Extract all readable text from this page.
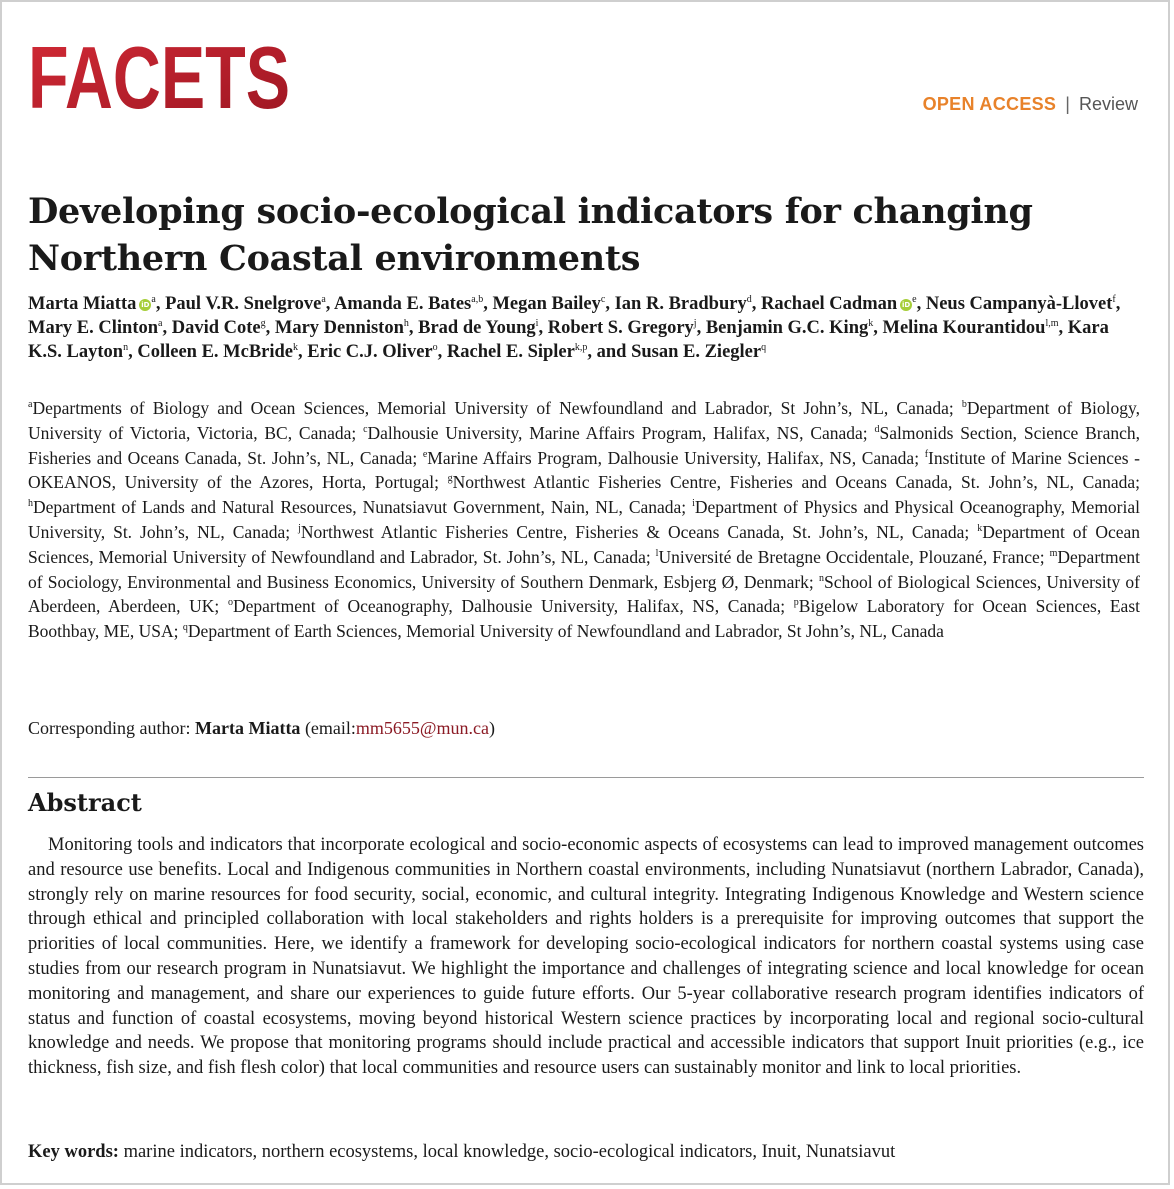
FACETS	OPEN ACCESS | Review
Developing socio-ecological indicators for changing Northern Coastal environments
Marta Miatta $iD^a$, Paul V.R. Snelgrove$^a$, Amanda E. Bates$^{a,b}$, Megan Bailey$^c$, Ian R. Bradbury$^d$, Rachael Cadman $iD^e$, Neus Campanyà-Llovet$^f$, Mary E. Clinton$^a$, David Cote$^g$, Mary Denniston$^h$, Brad de Young$^i$, Robert S. Gregory$^j$, Benjamin G.C. King$^k$, Melina Kourantidou$^{l,m}$, Kara K.S. Layton$^n$, Colleen E. McBride$^k$, Eric C.J. Oliver$^o$, Rachel E. Sipler$^{k,p}$, and Susan E. Ziegler$^q$
$^a$Departments of Biology and Ocean Sciences, Memorial University of Newfoundland and Labrador, St John’s, NL, Canada; $^b$Department of Biology, University of Victoria, Victoria, BC, Canada; $^c$Dalhousie University, Marine Affairs Program, Halifax, NS, Canada; $^d$Salmonids Section, Science Branch, Fisheries and Oceans Canada, St. John’s, NL, Canada; $^e$Marine Affairs Program, Dalhousie University, Halifax, NS, Canada; $^f$Institute of Marine Sciences - OKEANOS, University of the Azores, Horta, Portugal; $^g$Northwest Atlantic Fisheries Centre, Fisheries and Oceans Canada, St. John’s, NL, Canada; $^h$Department of Lands and Natural Resources, Nunatsiavut Government, Nain, NL, Canada; $^i$Department of Physics and Physical Oceanography, Memorial University, St. John’s, NL, Canada; $^j$Northwest Atlantic Fisheries Centre, Fisheries & Oceans Canada, St. John’s, NL, Canada; $^k$Department of Ocean Sciences, Memorial University of Newfoundland and Labrador, St. John’s, NL, Canada; $^l$Université de Bretagne Occidentale, Plouzané, France; $^m$Department of Sociology, Environmental and Business Economics, University of Southern Denmark, Esbjerg Ø, Denmark; $^n$School of Biological Sciences, University of Aberdeen, Aberdeen, UK; $^o$Department of Oceanography, Dalhousie University, Halifax, NS, Canada; $^p$Bigelow Laboratory for Ocean Sciences, East Boothbay, ME, USA; $^q$Department of Earth Sciences, Memorial University of Newfoundland and Labrador, St John’s, NL, Canada
Corresponding author: Marta Miatta (email:mm5655@mun.ca)
Abstract

Monitoring tools and indicators that incorporate ecological and socio-economic aspects of ecosystems can lead to improved management outcomes and resource use benefits. Local and Indigenous communities in Northern coastal environments, including Nunatsiavut (northern Labrador, Canada), strongly rely on marine resources for food security, social, economic, and cultural integrity. Integrating Indigenous Knowledge and Western science through ethical and principled collaboration with local stakeholders and rights holders is a prerequisite for improving outcomes that support the priorities of local communities. Here, we identify a framework for developing socio-ecological indicators for northern coastal systems using case studies from our research program in Nunatsiavut. We highlight the importance and challenges of integrating science and local knowledge for ocean monitoring and management, and share our experiences to guide future efforts. Our 5-year collaborative research program identifies indicators of status and function of coastal ecosystems, moving beyond historical Western science practices by incorporating local and regional socio-cultural knowledge and needs. We propose that monitoring programs should include practical and accessible indicators that support Inuit priorities (e.g., ice thickness, fish size, and fish flesh color) that local communities and resource users can sustainably monitor and link to local priorities.

Key words: marine indicators, northern ecosystems, local knowledge, socio-ecological indicators, Inuit, Nunatsiavut
